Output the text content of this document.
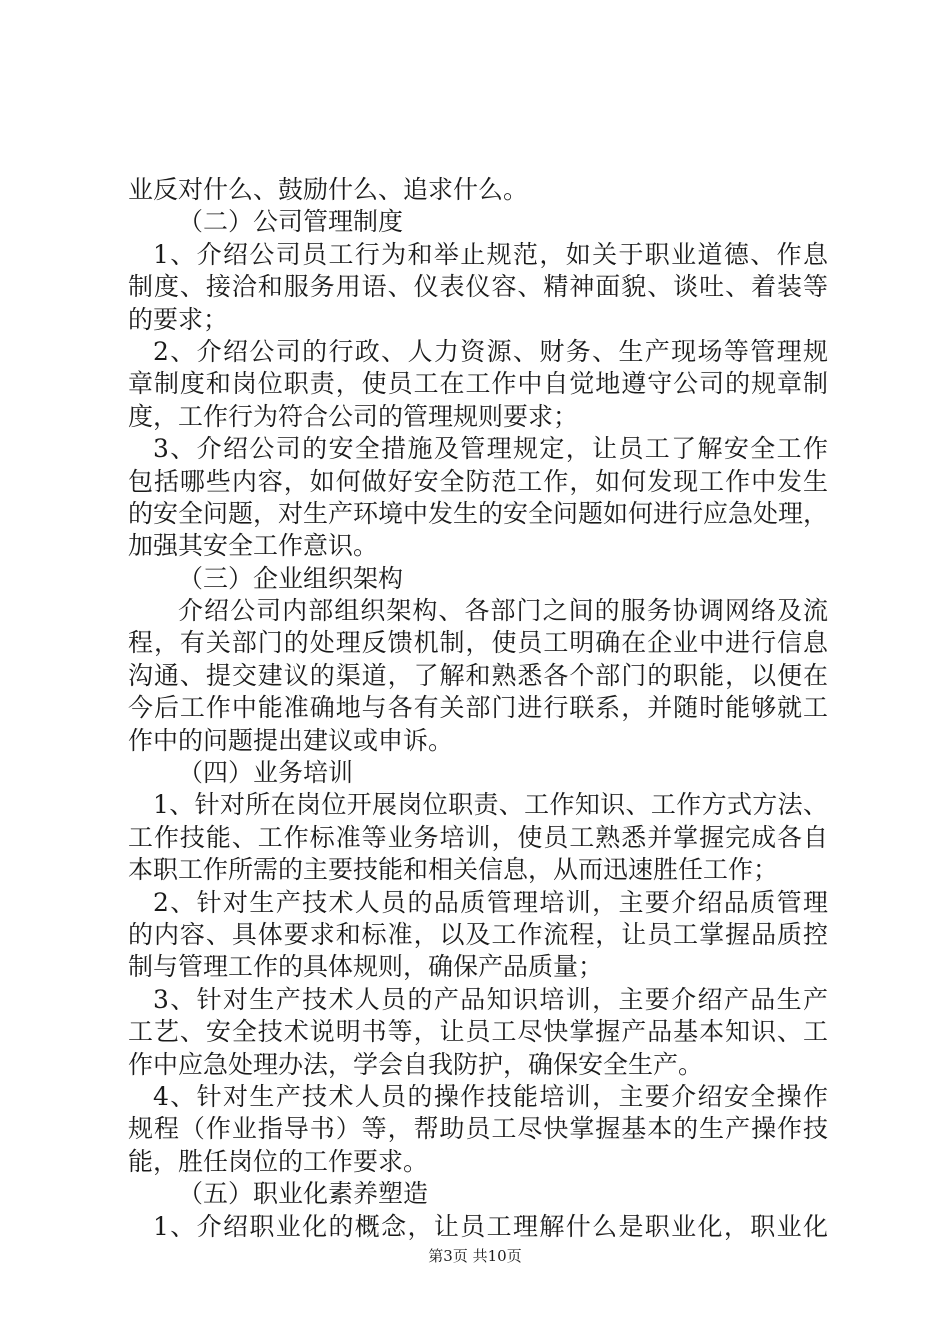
业反对什么、鼓励什么、追求什么。
（二）公司管理制度
1、介绍公司员工行为和举止规范，如关于职业道德、作息
制度、接洽和服务用语、仪表仪容、精神面貌、谈吐、着装等
的要求；
2、介绍公司的行政、人力资源、财务、生产现场等管理规
章制度和岗位职责，使员工在工作中自觉地遵守公司的规章制
度，工作行为符合公司的管理规则要求；
3、介绍公司的安全措施及管理规定，让员工了解安全工作
包括哪些内容，如何做好安全防范工作，如何发现工作中发生
的安全问题，对生产环境中发生的安全问题如何进行应急处理，
加强其安全工作意识。
（三）企业组织架构
介绍公司内部组织架构、各部门之间的服务协调网络及流
程，有关部门的处理反馈机制，使员工明确在企业中进行信息
沟通、提交建议的渠道，了解和熟悉各个部门的职能，以便在
今后工作中能准确地与各有关部门进行联系，并随时能够就工
作中的问题提出建议或申诉。
（四）业务培训
1、针对所在岗位开展岗位职责、工作知识、工作方式方法、
工作技能、工作标准等业务培训，使员工熟悉并掌握完成各自
本职工作所需的主要技能和相关信息，从而迅速胜任工作；
2、针对生产技术人员的品质管理培训，主要介绍品质管理
的内容、具体要求和标准，以及工作流程，让员工掌握品质控
制与管理工作的具体规则，确保产品质量；
3、针对生产技术人员的产品知识培训，主要介绍产品生产
工艺、安全技术说明书等，让员工尽快掌握产品基本知识、工
作中应急处理办法，学会自我防护，确保安全生产。
4、针对生产技术人员的操作技能培训，主要介绍安全操作
规程（作业指导书）等，帮助员工尽快掌握基本的生产操作技
能，胜任岗位的工作要求。
（五）职业化素养塑造
1、介绍职业化的概念，让员工理解什么是职业化，职业化
第3页 共10页
